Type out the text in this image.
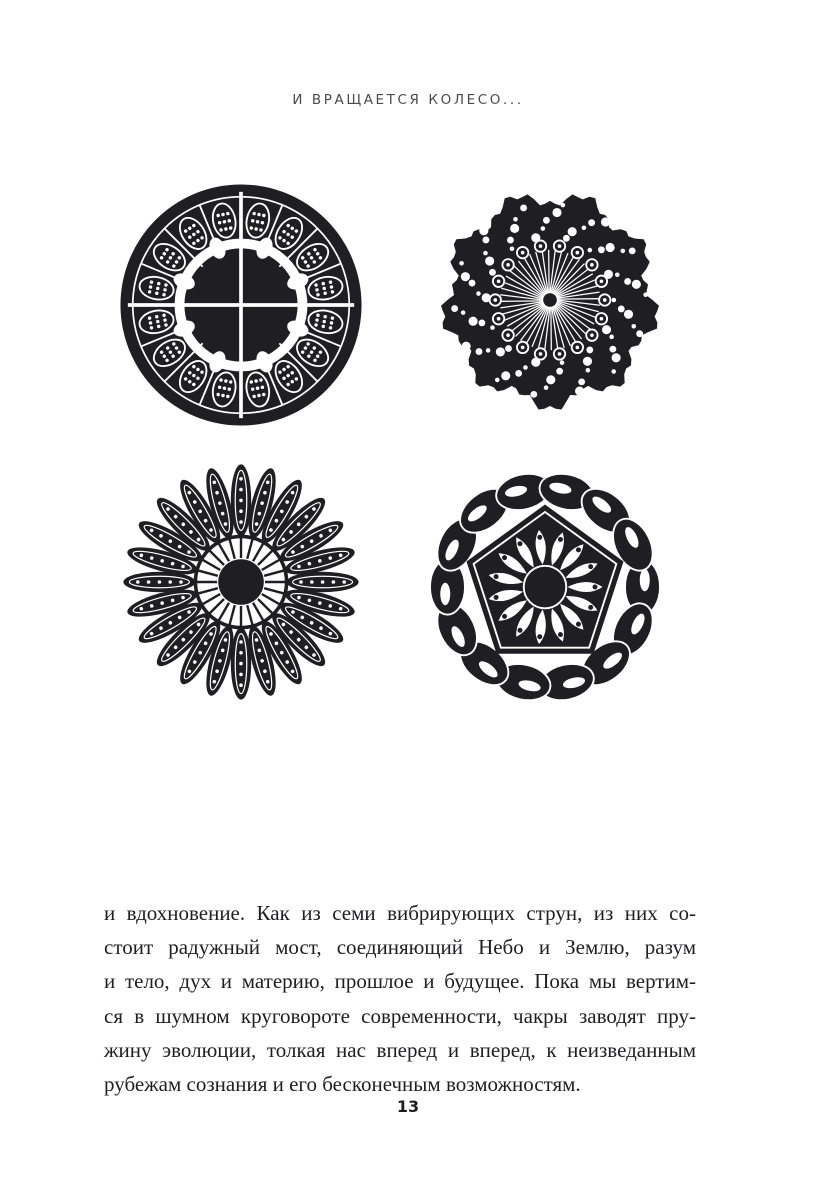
И ВРАЩАЕТСЯ КОЛЕСО...
и вдохновение. Как из семи вибрирующих струн, из них со-
стоит радужный мост, соединяющий Небо и Землю, разум
и тело, дух и материю, прошлое и будущее. Пока мы вертим-
ся в шумном круговороте современности, чакры заводят пру-
жину эволюции, толкая нас вперед и вперед, к неизведанным
рубежам сознания и его бесконечным возможностям.
13
